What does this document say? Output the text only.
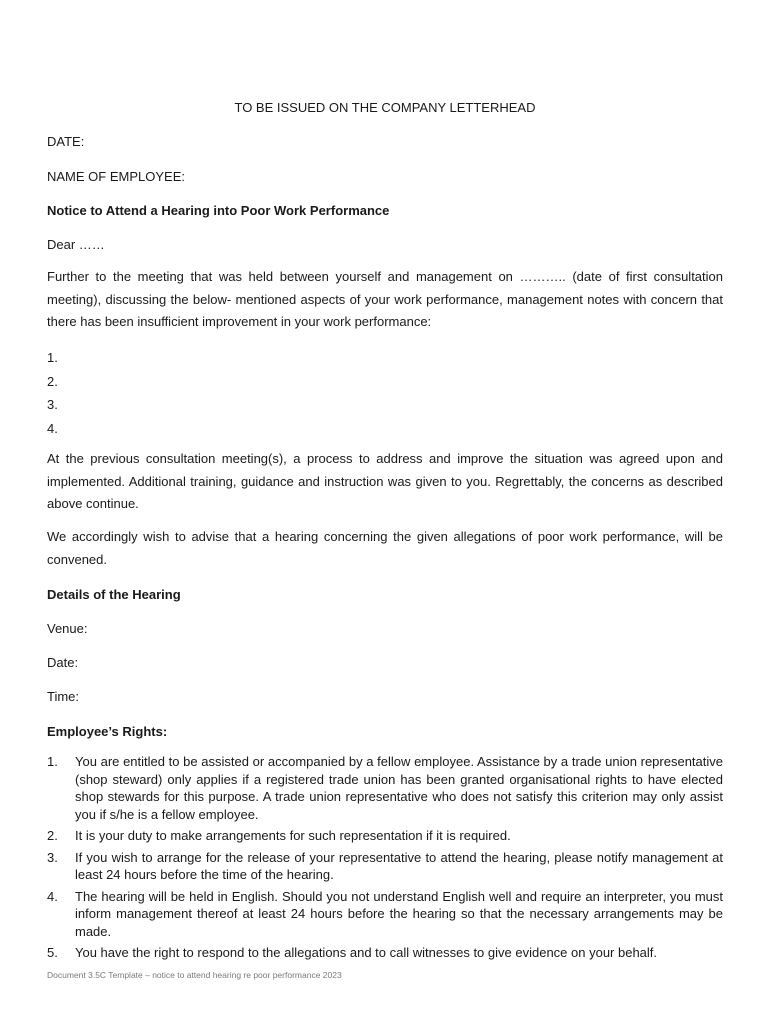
TO BE ISSUED ON THE COMPANY LETTERHEAD
DATE:
NAME OF EMPLOYEE:
Notice to Attend a Hearing into Poor Work Performance
Dear ……
Further to the meeting that was held between yourself and management on ……….. (date of first consultation meeting), discussing the below- mentioned aspects of your work performance, management notes with concern that there has been insufficient improvement in your work performance:
1.
2.
3.
4.
At the previous consultation meeting(s), a process to address and improve the situation was agreed upon and implemented. Additional training, guidance and instruction was given to you. Regrettably, the concerns as described above continue.
We accordingly wish to advise that a hearing concerning the given allegations of poor work performance, will be convened.
Details of the Hearing
Venue:
Date:
Time:
Employee’s Rights:
1. You are entitled to be assisted or accompanied by a fellow employee. Assistance by a trade union representative (shop steward) only applies if a registered trade union has been granted organisational rights to have elected shop stewards for this purpose. A trade union representative who does not satisfy this criterion may only assist you if s/he is a fellow employee.
2. It is your duty to make arrangements for such representation if it is required.
3. If you wish to arrange for the release of your representative to attend the hearing, please notify management at least 24 hours before the time of the hearing.
4. The hearing will be held in English. Should you not understand English well and require an interpreter, you must inform management thereof at least 24 hours before the hearing so that the necessary arrangements may be made.
5. You have the right to respond to the allegations and to call witnesses to give evidence on your behalf.
Document 3.5C Template – notice to attend hearing re poor performance 2023
